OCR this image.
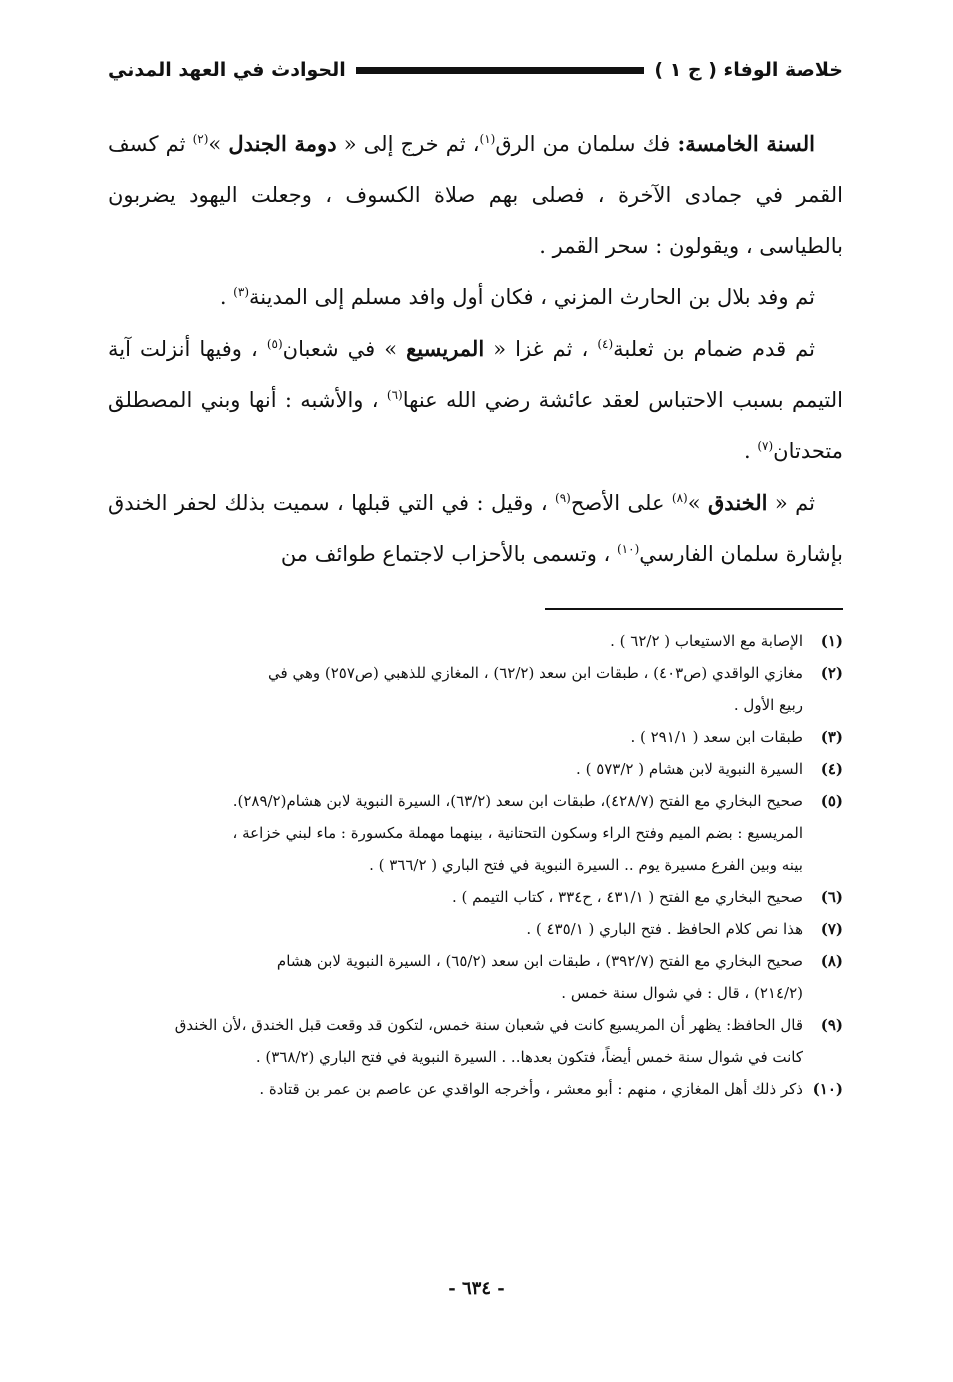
خلاصة الوفاء ( ج ١ )
الحوادث في العهد المدني

السنة الخامسة: فك سلمان من الرق$^{(١)}$، ثم خرج إلى « دومة الجندل »$^{(٢)}$ ثم كسف القمر في جمادى الآخرة ، فصلى بهم صلاة الكسوف ، وجعلت اليهود يضربون بالطياسى ، ويقولون : سحر القمر .

ثم وفد بلال بن الحارث المزني ، فكان أول وافد مسلم إلى المدينة$^{(٣)}$ .

ثم قدم ضمام بن ثعلبة$^{(٤)}$ ، ثم غزا « المريسيع » في شعبان$^{(٥)}$ ، وفيها أنزلت آية التيمم بسبب الاحتباس لعقد عائشة رضي الله عنها$^{(٦)}$ ، والأشبه : أنها وبني المصطلق متحدتان$^{(٧)}$ .

ثم « الخندق »$^{(٨)}$ على الأصح$^{(٩)}$ ، وقيل : في التي قبلها ، سميت بذلك لحفر الخندق بإشارة سلمان الفارسي$^{(١٠)}$ ، وتسمى بالأحزاب لاجتماع طوائف من

(١)
الإصابة مع الاستيعاب ( ٦٢/٢ ) .
(٢)
مغازي الواقدي (ص٤٠٣) ، طبقات ابن سعد (٦٢/٢) ، المغازي للذهبي (ص٢٥٧) وهي في
ربيع الأول .
(٣)
طبقات ابن سعد ( ٢٩١/١ ) .
(٤)
السيرة النبوية لابن هشام ( ٥٧٣/٢ ) .
(٥)
صحيح البخاري مع الفتح (٤٢٨/٧)، طبقات ابن سعد (٦٣/٢)، السيرة النبوية لابن هشام(٢٨٩/٢).
المريسيع : بضم الميم وفتح الراء وسكون التحتانية ، بينهما مهملة مكسورة : ماء لبني خزاعة ،
بينه وبين الفرع مسيرة يوم .. السيرة النبوية في فتح الباري ( ٣٦٦/٢ ) .
(٦)
صحيح البخاري مع الفتح ( ٤٣١/١ ، ح٣٣٤ ، كتاب التيمم ) .
(٧)
هذا نص كلام الحافظ . فتح الباري ( ٤٣٥/١ ) .
(٨)
صحيح البخاري مع الفتح (٣٩٢/٧) ، طبقات ابن سعد (٦٥/٢) ، السيرة النبوية لابن هشام
(٢١٤/٢) ، قال : في شوال سنة خمس .
(٩)
قال الحافظ: يظهر أن المريسيع كانت في شعبان سنة خمس، لتكون قد وقعت قبل الخندق ،لأن الخندق
كانت في شوال سنة خمس أيضاً، فتكون بعدها.. . السيرة النبوية في فتح الباري (٣٦٨/٢) .
(١٠)
ذكر ذلك أهل المغازي ، منهم : أبو معشر ، وأخرجه الواقدي عن عاصم بن عمر بن قتادة .
- ٦٣٤ -
